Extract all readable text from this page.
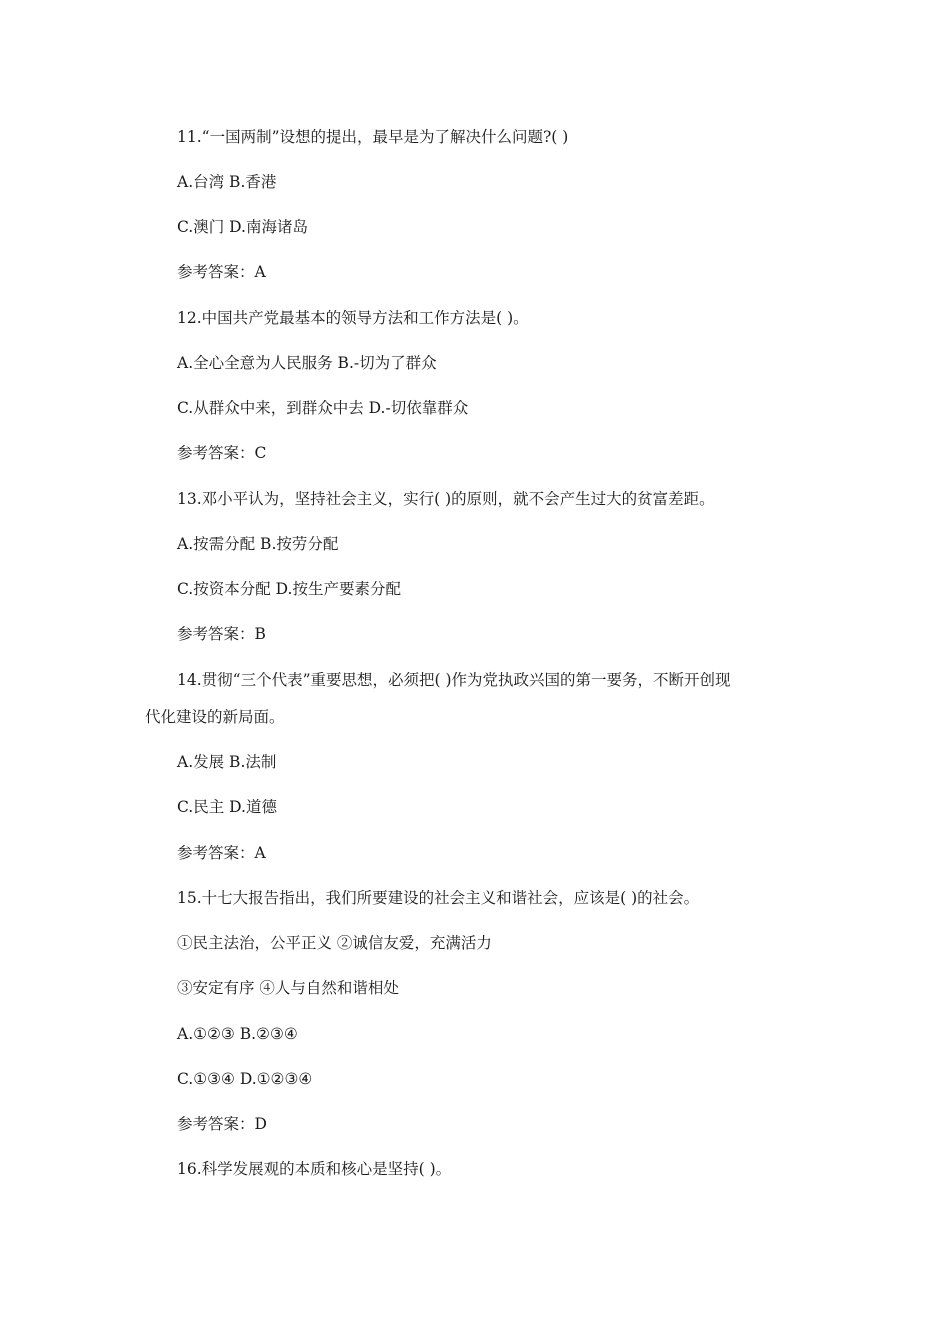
11.“一国两制”设想的提出，最早是为了解决什么问题?( )
A.台湾 B.香港
C.澳门 D.南海诸岛
参考答案：A
12.中国共产党最基本的领导方法和工作方法是( )。
A.全心全意为人民服务 B.-切为了群众
C.从群众中来，到群众中去 D.-切依靠群众
参考答案：C
13.邓小平认为，坚持社会主义，实行( )的原则，就不会产生过大的贫富差距。
A.按需分配 B.按劳分配
C.按资本分配 D.按生产要素分配
参考答案：B
14.贯彻“三个代表”重要思想，必须把( )作为党执政兴国的第一要务，不断开创现
代化建设的新局面。
A.发展 B.法制
C.民主 D.道德
参考答案：A
15.十七大报告指出，我们所要建设的社会主义和谐社会，应该是( )的社会。
①民主法治，公平正义 ②诚信友爱，充满活力
③安定有序 ④人与自然和谐相处
A.①②③ B.②③④
C.①③④ D.①②③④
参考答案：D
16.科学发展观的本质和核心是坚持( )。
